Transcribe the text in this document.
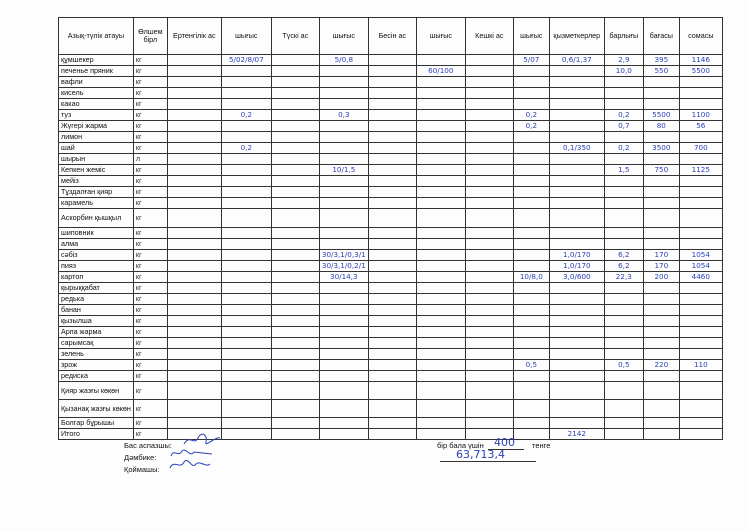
Азық-түлік атауы	Өлшем бірл	Ертенгілік ас	шығыс	Түскі ас	шығыс	Бесін ас	шығыс	Кешкі ас	шығыс	қызметкерлер	барлығы	бағасы	сомасы
құмшекер	кг		5/02/8/07		5/0,8				5/07	0,6/1,37	2,9	395	1146
печенье пряник	кг						60/100				10,0	550	5500
вафли	кг												
кисель	кг												
какао	кг												
туз	кг		0,2		0,3				0,2		0,2	5500	1100
Жүгері жарма	кг								0,2		0,7	80	56
лимон	кг												
шай	кг		0,2							0,1/350	0,2	3500	700
шырын	л												
Кепкен жеміс	кг				10/1,5						1,5	750	1125
мейіз	кг												
Тұздалған қияр	кг												
карамель	кг												
Аскорбин қышқыл	кг												
шиповник	кг												
алма	кг												
сәбіз	кг				30/3,1/0,3/1					1,0/170	6,2	170	1054
пияз	кг				30/3,1/0,2/1					1,0/170	6,2	170	1054
картоп	кг				30/14,3				10/8,0	3,0/600	22,3	200	4460
қырыққабат	кг												
редька	кг												
банан	кг												
қызылша	кг												
Арпа жарма	кг												
сарымсақ	кг												
зелень	кг												
зрож	кг								0,5		0,5	220	110
редиска	кг												
Қияр жазғы көкөн	кг												
Қызанақ жазғы көкөн	кг												
Болгар бұрышы	кг												
Итого	кг									2142			
Бас аспазшы:
Дәмбике:
Қоймашы:
бір бала үшін 400 тенге
63,713,4
